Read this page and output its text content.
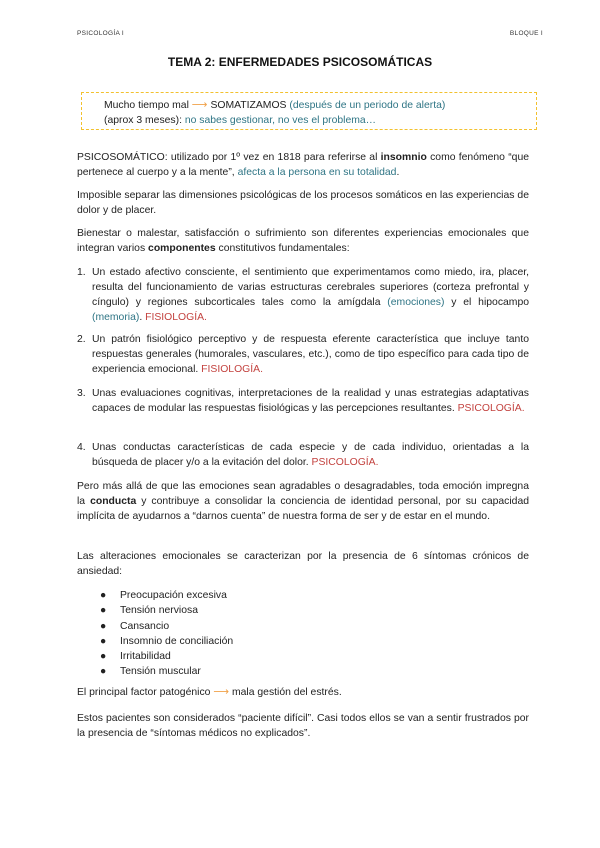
PSICOLOGÍA I	BLOQUE I
TEMA 2: ENFERMEDADES PSICOSOMÁTICAS
Mucho tiempo mal ⟶ SOMATIZAMOS (después de un periodo de alerta)
(aprox 3 meses): no sabes gestionar, no ves el problema…

PSICOSOMÁTICO: utilizado por 1º vez en 1818 para referirse al insomnio como fenómeno “que pertenece al cuerpo y a la mente”, afecta a la persona en su totalidad.

Imposible separar las dimensiones psicológicas de los procesos somáticos en las experiencias de dolor y de placer.

Bienestar o malestar, satisfacción o sufrimiento son diferentes experiencias emocionales que integran varios componentes constitutivos fundamentales:

1. Un estado afectivo consciente, el sentimiento que experimentamos como miedo, ira, placer, resulta del funcionamiento de varias estructuras cerebrales superiores (corteza prefrontal y cíngulo) y regiones subcorticales tales como la amígdala (emociones) y el hipocampo (memoria). FISIOLOGÍA.
2. Un patrón fisiológico perceptivo y de respuesta eferente característica que incluye tanto respuestas generales (humorales, vasculares, etc.), como de tipo específico para cada tipo de experiencia emocional. FISIOLOGÍA.
3. Unas evaluaciones cognitivas, interpretaciones de la realidad y unas estrategias adaptativas capaces de modular las respuestas fisiológicas y las percepciones resultantes. PSICOLOGÍA.
4. Unas conductas características de cada especie y de cada individuo, orientadas a la búsqueda de placer y/o a la evitación del dolor. PSICOLOGÍA.

Pero más allá de que las emociones sean agradables o desagradables, toda emoción impregna la conducta y contribuye a consolidar la conciencia de identidad personal, por su capacidad implícita de ayudarnos a “darnos cuenta” de nuestra forma de ser y de estar en el mundo.

Las alteraciones emocionales se caracterizan por la presencia de 6 síntomas crónicos de ansiedad:

● Preocupación excesiva
● Tensión nerviosa
● Cansancio
● Insomnio de conciliación
● Irritabilidad
● Tensión muscular

El principal factor patogénico ⟶ mala gestión del estrés.

Estos pacientes son considerados “paciente difícil”. Casi todos ellos se van a sentir frustrados por la presencia de “síntomas médicos no explicados”.
